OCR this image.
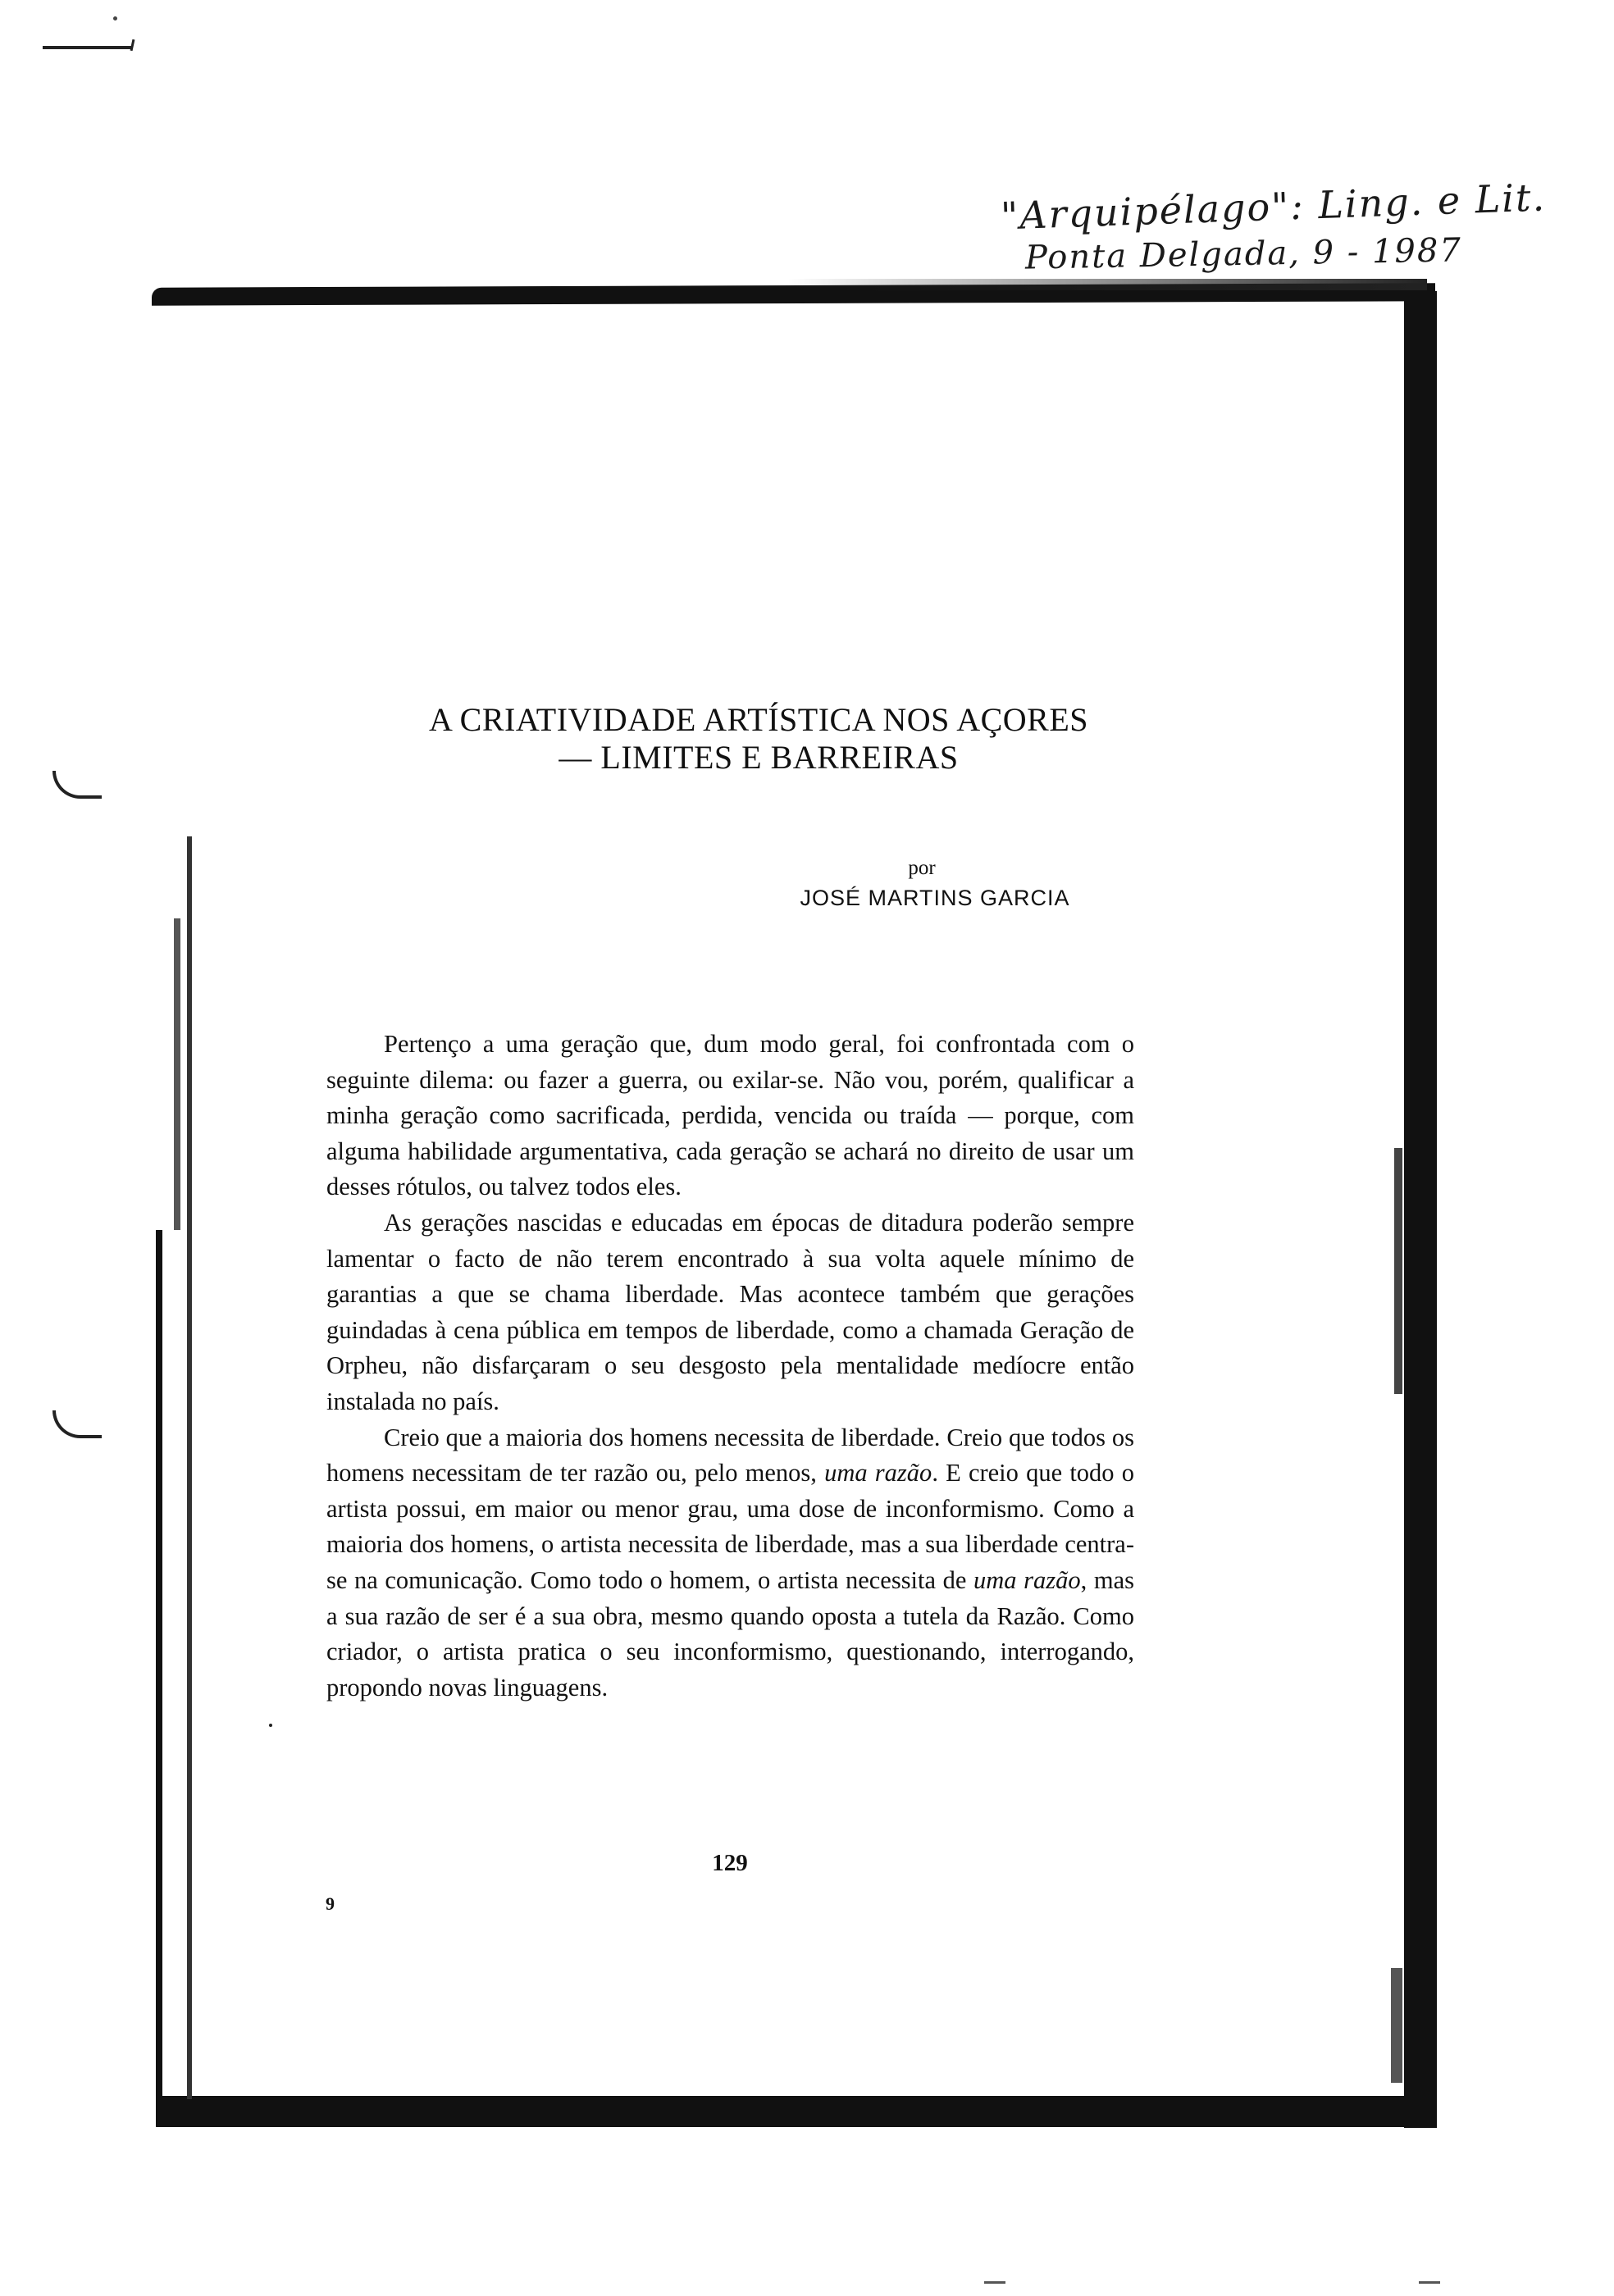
"Arquipélago": Ling. e Lit.
Ponta Delgada, 9 - 1987
A CRIATIVIDADE ARTÍSTICA NOS AÇORES
— LIMITES E BARREIRAS
por
JOSÉ MARTINS GARCIA

Pertenço a uma geração que, dum modo geral, foi confrontada com o seguinte dilema: ou fazer a guerra, ou exilar-se. Não vou, porém, qualificar a minha geração como sacrificada, perdida, vencida ou traída — porque, com alguma habilidade argumentativa, cada geração se achará no direito de usar um desses rótulos, ou talvez todos eles.

As gerações nascidas e educadas em épocas de ditadura poderão sempre lamentar o facto de não terem encontrado à sua volta aquele mínimo de garantias a que se chama liberdade. Mas acontece também que gerações guindadas à cena pública em tempos de liberdade, como a chamada Geração de Orpheu, não disfarçaram o seu desgosto pela mentalidade medíocre então instalada no país.

Creio que a maioria dos homens necessita de liberdade. Creio que todos os homens necessitam de ter razão ou, pelo menos, uma razão. E creio que todo o artista possui, em maior ou menor grau, uma dose de inconformismo. Como a maioria dos homens, o artista necessita de liberdade, mas a sua liberdade centra-se na comunicação. Como todo o homem, o artista necessita de uma razão, mas a sua razão de ser é a sua obra, mesmo quando oposta a tutela da Razão. Como criador, o artista pratica o seu inconformismo, questionando, interrogando, propondo novas linguagens.

129
9
